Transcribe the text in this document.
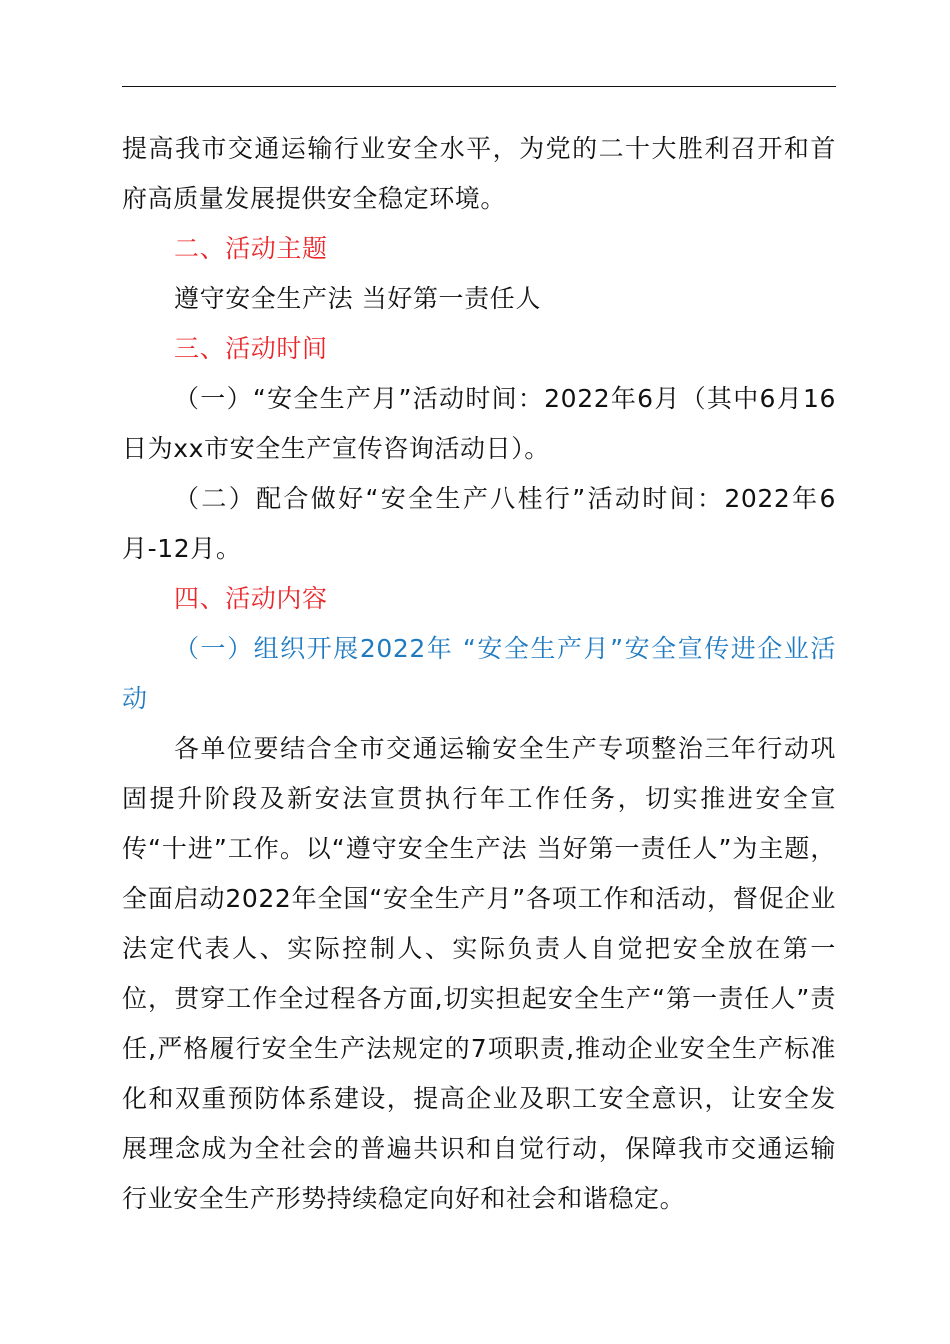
提高我市交通运输行业安全水平，为党的二十大胜利召开和首府高质量发展提供安全稳定环境。

二、活动主题

遵守安全生产法 当好第一责任人

三、活动时间

（一）“安全生产月”活动时间：2022年6月（其中6月16日为xx市安全生产宣传咨询活动日）。

（二）配合做好“安全生产八桂行”活动时间：2022年6月-12月。

四、活动内容

（一）组织开展2022年 “安全生产月”安全宣传进企业活动

各单位要结合全市交通运输安全生产专项整治三年行动巩固提升阶段及新安法宣贯执行年工作任务，切实推进安全宣传“十进”工作。以“遵守安全生产法 当好第一责任人”为主题，全面启动2022年全国“安全生产月”各项工作和活动，督促企业法定代表人、实际控制人、实际负责人自觉把安全放在第一位，贯穿工作全过程各方面,切实担起安全生产“第一责任人”责任,严格履行安全生产法规定的7项职责,推动企业安全生产标准化和双重预防体系建设，提高企业及职工安全意识，让安全发展理念成为全社会的普遍共识和自觉行动，保障我市交通运输行业安全生产形势持续稳定向好和社会和谐稳定。
